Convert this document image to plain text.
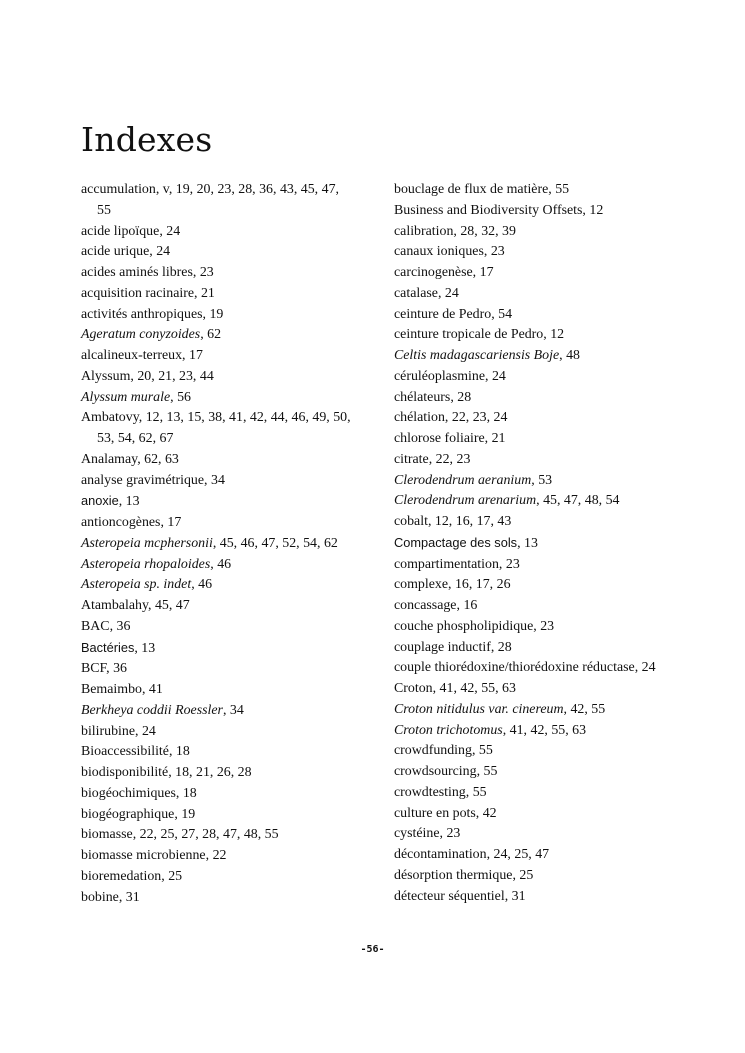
Indexes
accumulation, v, 19, 20, 23, 28, 36, 43, 45, 47, 55
acide lipoïque, 24
acide urique, 24
acides aminés libres, 23
acquisition racinaire, 21
activités anthropiques, 19
Ageratum conyzoides, 62
alcalineux-terreux, 17
Alyssum, 20, 21, 23, 44
Alyssum murale, 56
Ambatovy, 12, 13, 15, 38, 41, 42, 44, 46, 49, 50, 53, 54, 62, 67
Analamay, 62, 63
analyse gravimétrique, 34
anoxie, 13
antioncogènes, 17
Asteropeia mcphersonii, 45, 46, 47, 52, 54, 62
Asteropeia rhopaloides, 46
Asteropeia sp. indet, 46
Atambalahy, 45, 47
BAC, 36
Bactéries, 13
BCF, 36
Bemaimbo, 41
Berkheya coddii Roessler, 34
bilirubine, 24
Bioaccessibilité, 18
biodisponibilité, 18, 21, 26, 28
biogéochimiques, 18
biogéographique, 19
biomasse, 22, 25, 27, 28, 47, 48, 55
biomasse microbienne, 22
bioremedation, 25
bobine, 31
bouclage de flux de matière, 55
Business and Biodiversity Offsets, 12
calibration, 28, 32, 39
canaux ioniques, 23
carcinogenèse, 17
catalase, 24
ceinture de Pedro, 54
ceinture tropicale de Pedro, 12
Celtis madagascariensis Boje, 48
céruléoplasmine, 24
chélateurs, 28
chélation, 22, 23, 24
chlorose foliaire, 21
citrate, 22, 23
Clerodendrum aeranium, 53
Clerodendrum arenarium, 45, 47, 48, 54
cobalt, 12, 16, 17, 43
Compactage des sols, 13
compartimentation, 23
complexe, 16, 17, 26
concassage, 16
couche phospholipidique, 23
couplage inductif, 28
couple thiorédoxine/thiorédoxine réductase, 24
Croton, 41, 42, 55, 63
Croton nitidulus var. cinereum, 42, 55
Croton trichotomus, 41, 42, 55, 63
crowdfunding, 55
crowdsourcing, 55
crowdtesting, 55
culture en pots, 42
cystéine, 23
décontamination, 24, 25, 47
désorption thermique, 25
détecteur séquentiel, 31
-56-
